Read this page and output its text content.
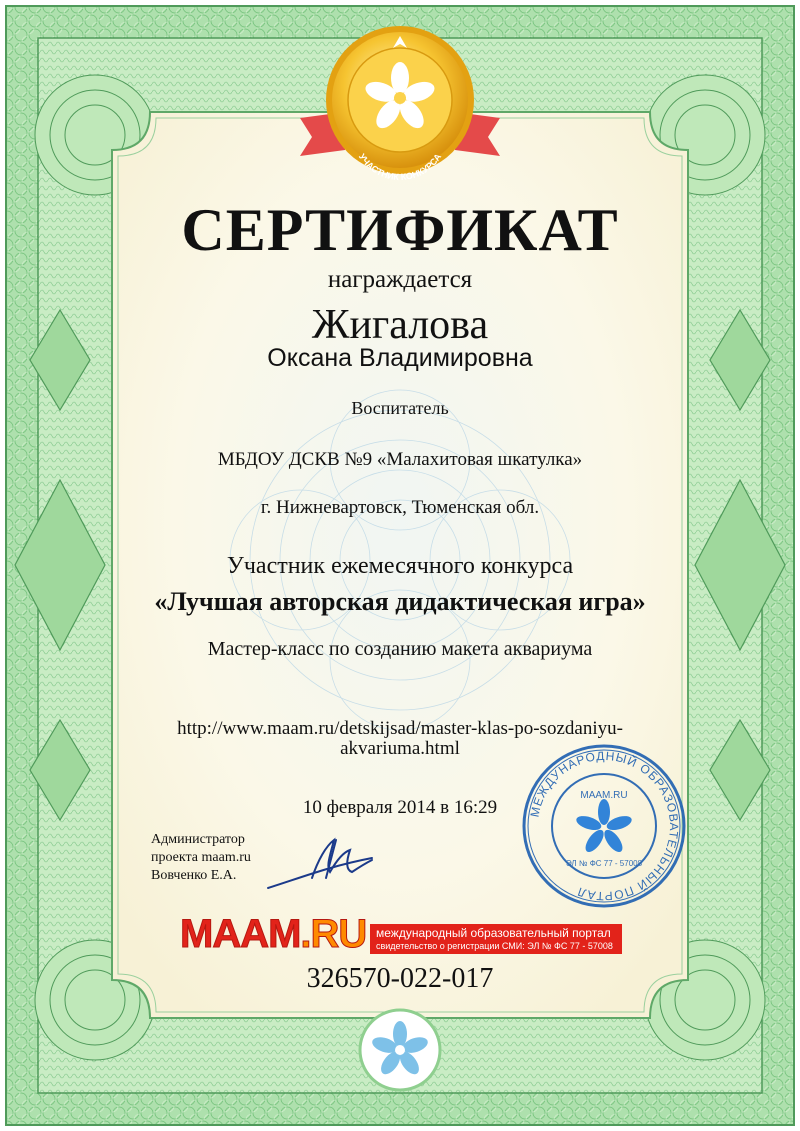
УЧАСТНИК КОНКУРСА
МЕЖДУНАРОДНЫЙ ОБРАЗОВАТЕЛЬНЫЙ ПОРТАЛ
MAAM.RU
ЭЛ № ФС 77 - 57008
СЕРТИФИКАТ
награждается
Жигалова
Оксана Владимировна
Воспитатель
МБДОУ ДСКВ №9 «Малахитовая шкатулка»
г. Нижневартовск, Тюменская обл.
Участник ежемесячного конкурса
«Лучшая авторская дидактическая игра»
Мастер-класс по созданию макета аквариума
http://www.maam.ru/detskijsad/master-klas-po-sozdaniyu-
akvariuma.html
10 февраля 2014 в 16:29
Администратор
проекта maam.ru
Вовченко Е.А.
MAAM.RU международный образовательный портал
свидетельство о регистрации СМИ: ЭЛ № ФС 77 - 57008
326570-022-017
